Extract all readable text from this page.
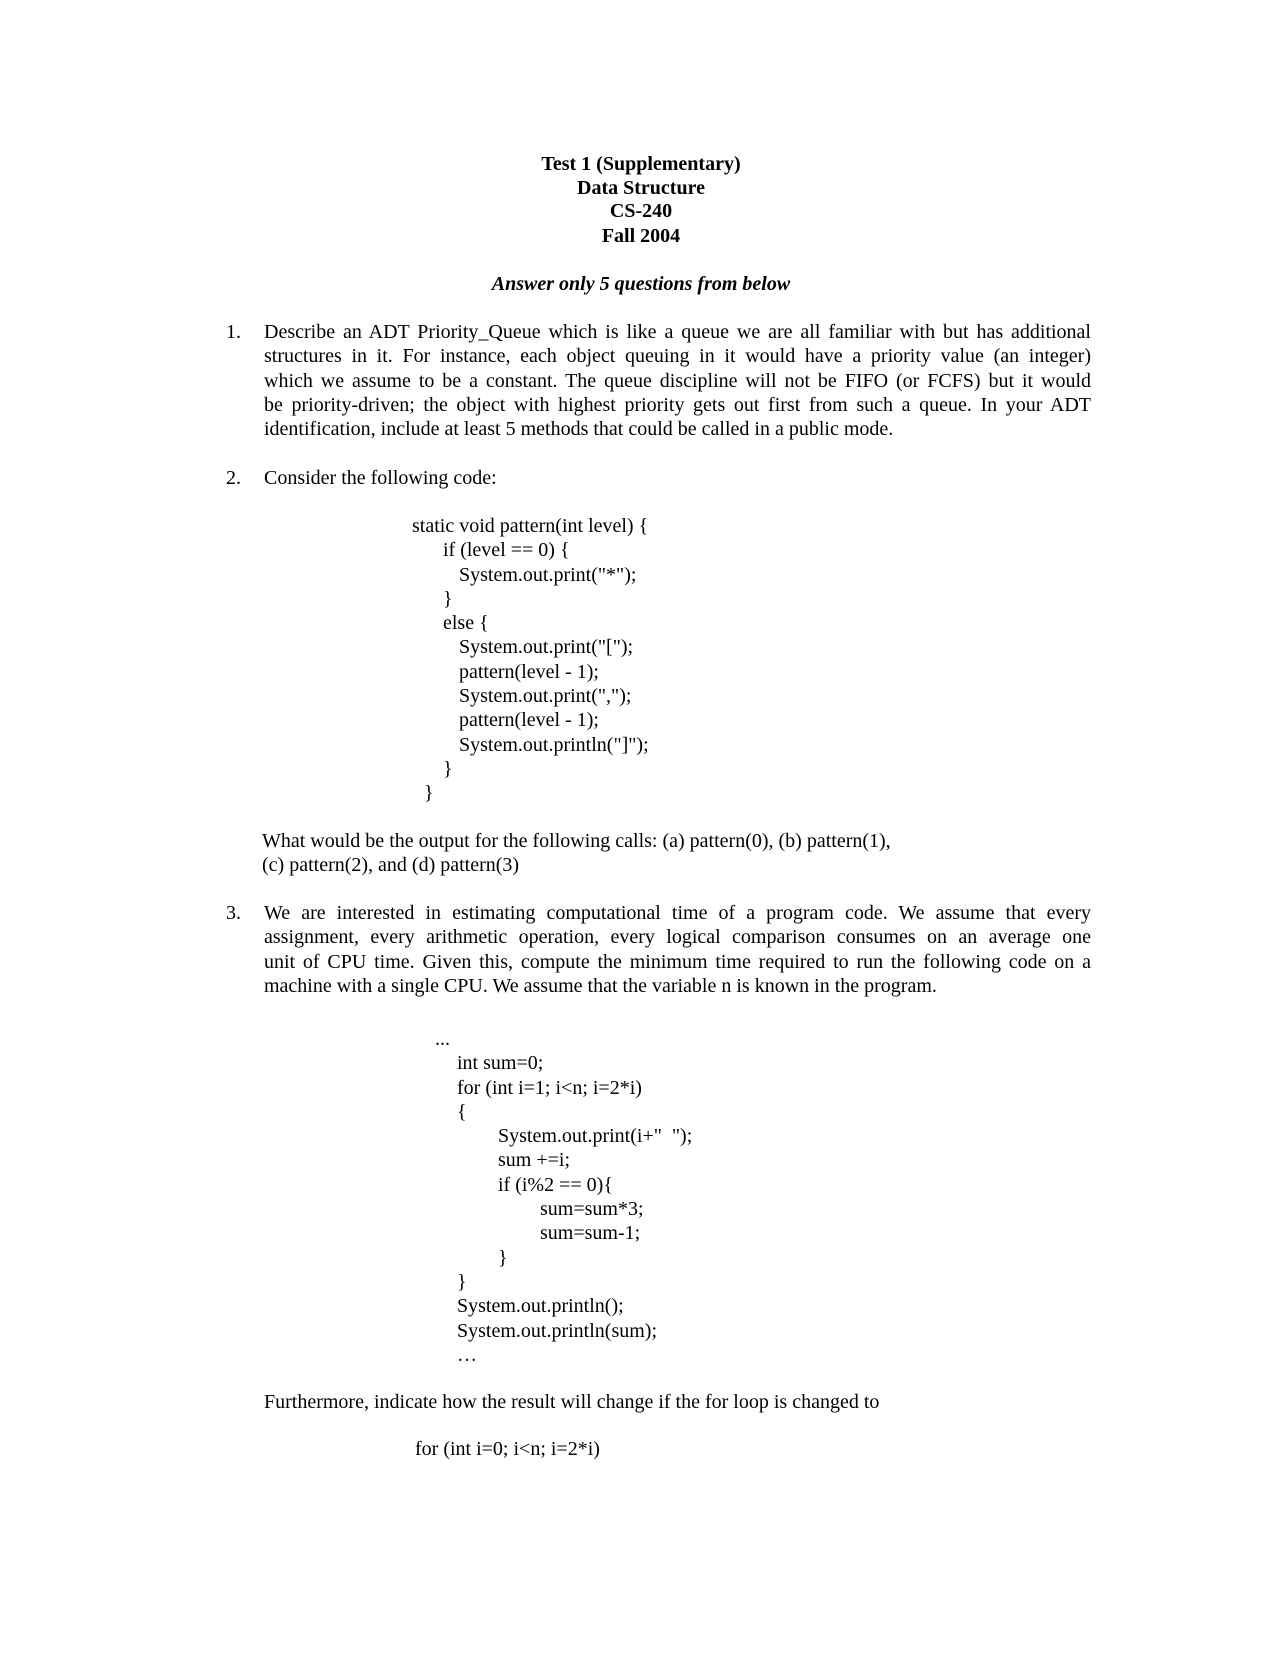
Test 1 (Supplementary)
Data Structure
CS-240
Fall 2004
Answer only 5 questions from below
1. Describe an ADT Priority_Queue which is like a queue we are all familiar with but has additional
structures in it. For instance, each object queuing in it would have a priority value (an integer)
which we assume to be a constant. The queue discipline will not be FIFO (or FCFS) but it would
be priority-driven; the object with highest priority gets out first from such a queue. In your ADT
identification, include at least 5 methods that could be called in a public mode.
2. Consider the following code:
static void pattern(int level) {
if (level == 0) {
System.out.print("*");
}
else {
System.out.print("[");
pattern(level - 1);
System.out.print(",");
pattern(level - 1);
System.out.println("]");
}
}
What would be the output for the following calls: (a) pattern(0), (b) pattern(1),
(c) pattern(2), and (d) pattern(3)
3. We are interested in estimating computational time of a program code. We assume that every
assignment, every arithmetic operation, every logical comparison consumes on an average one
unit of CPU time. Given this, compute the minimum time required to run the following code on a
machine with a single CPU. We assume that the variable n is known in the program.
...
int sum=0;
for (int i=1; i<n; i=2*i)
{
System.out.print(i+"  ");
sum +=i;
if (i%2 == 0){
sum=sum*3;
sum=sum-1;
}
}
System.out.println();
System.out.println(sum);
…
Furthermore, indicate how the result will change if the for loop is changed to
for (int i=0; i<n; i=2*i)
